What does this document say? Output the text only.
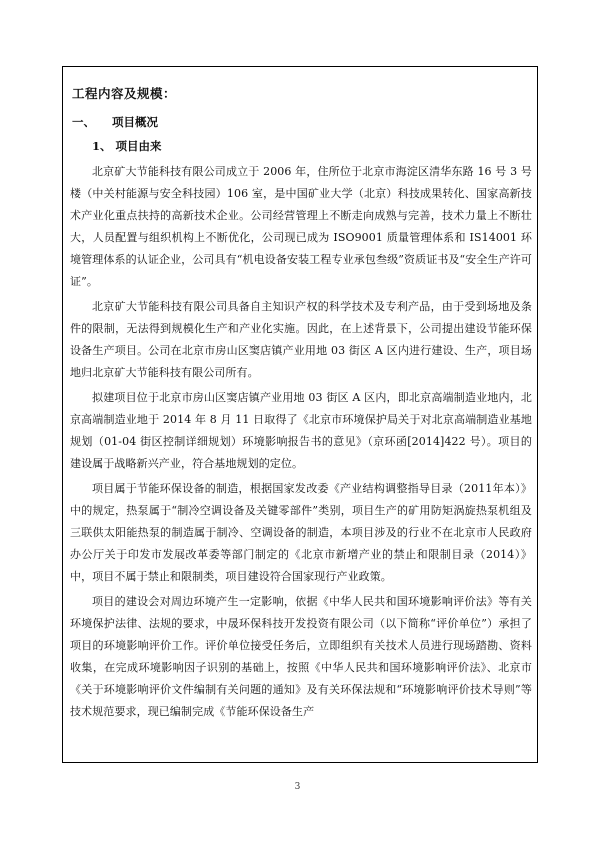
工程内容及规模：
一、 项目概况
1、 项目由来

北京矿大节能科技有限公司成立于 2006 年，住所位于北京市海淀区清华东路 16 号 3 号楼（中关村能源与安全科技园）106 室，是中国矿业大学（北京）科技成果转化、国家高新技术产业化重点扶持的高新技术企业。公司经营管理上不断走向成熟与完善，技术力量上不断壮大，人员配置与组织机构上不断优化，公司现已成为 ISO9001 质量管理体系和 IS14001 环境管理体系的认证企业，公司具有“机电设备安装工程专业承包叁级”资质证书及“安全生产许可证”。

北京矿大节能科技有限公司具备自主知识产权的科学技术及专利产品，由于受到场地及条件的限制，无法得到规模化生产和产业化实施。因此，在上述背景下，公司提出建设节能环保设备生产项目。公司在北京市房山区窦店镇产业用地 03 街区 A 区内进行建设、生产，项目场地归北京矿大节能科技有限公司所有。

拟建项目位于北京市房山区窦店镇产业用地 03 街区 A 区内，即北京高端制造业地内，北京高端制造业地于 2014 年 8 月 11 日取得了《北京市环境保护局关于对北京高端制造业基地规划（01-04 街区控制详细规划）环境影响报告书的意见》（京环函[2014]422 号）。项目的建设属于战略新兴产业，符合基地规划的定位。

项目属于节能环保设备的制造，根据国家发改委《产业结构调整指导目录（2011年本）》中的规定，热泵属于“制冷空调设备及关键零部件”类别，项目生产的矿用防矩涡旋热泵机组及三联供太阳能热泵的制造属于制冷、空调设备的制造，本项目涉及的行业不在北京市人民政府办公厅关于印发市发展改革委等部门制定的《北京市新增产业的禁止和限制目录（2014）》中，项目不属于禁止和限制类，项目建设符合国家现行产业政策。

项目的建设会对周边环境产生一定影响，依据《中华人民共和国环境影响评价法》等有关环境保护法律、法规的要求，中晟环保科技开发投资有限公司（以下简称“评价单位”）承担了项目的环境影响评价工作。评价单位接受任务后，立即组织有关技术人员进行现场踏勘、资料收集，在完成环境影响因子识别的基础上，按照《中华人民共和国环境影响评价法》、北京市《关于环境影响评价文件编制有关问题的通知》及有关环保法规和“环境影响评价技术导则”等技术规范要求，现已编制完成《节能环保设备生产

3
